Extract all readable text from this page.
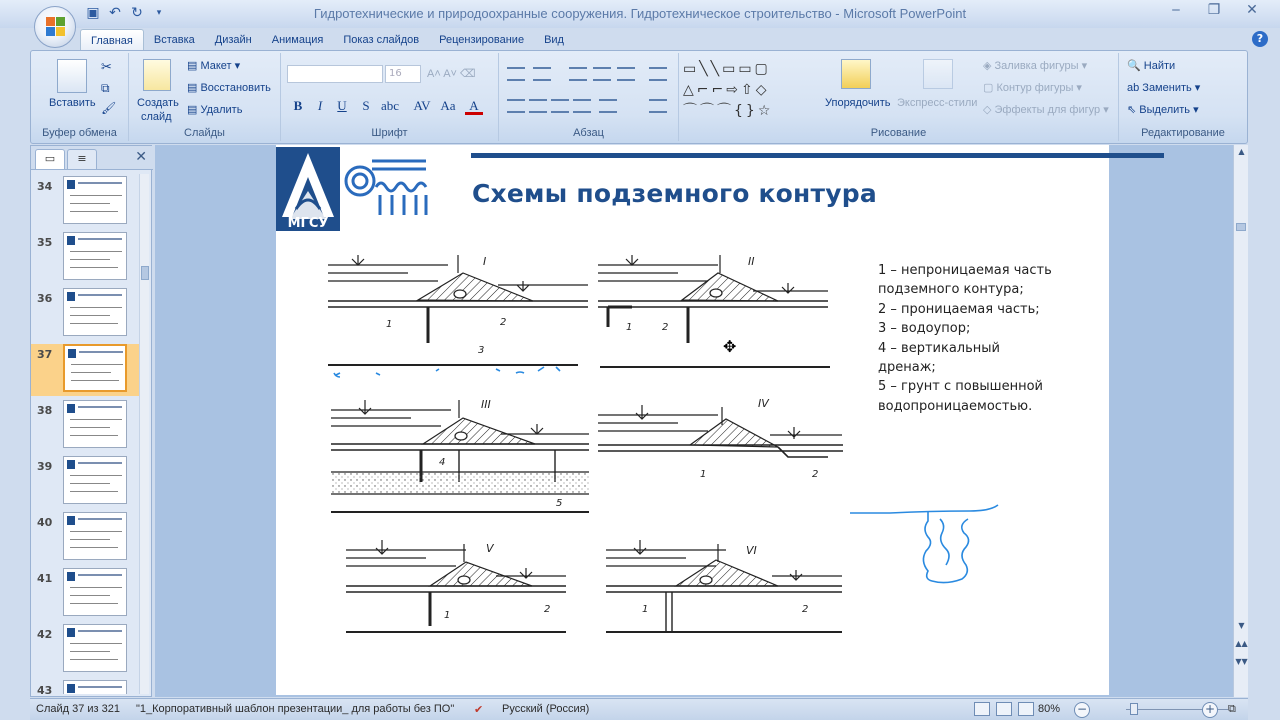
▣ ↶ ↻	▾	Гидротехнические и природоохранные сооружения. Гидротехническое строительство - Microsoft PowerPoint	‒ ❐ ✕
Главная	Вставка	Дизайн	Анимация	Показ слайдов	Рецензирование	Вид	?
Вставить
✂
⧉
🖌
Буфер обмена
Создать
слайд
▤ Макет ▾
▤ Восстановить
▤ Удалить
Слайды
16	A˄ A˅ ⌫
B	I	U	S abc AV Aa	A
Шрифт	Абзац
▭╲╲▭▭▢
△⌐⌐⇨⇧◇
⌒⌒⌒{}☆	Упорядочить Экспресс-стили
◈ Заливка фигуры ▾
▢ Контур фигуры ▾
◇ Эффекты для фигур ▾
Рисование
🔍 Найти
ab Заменить ▾
⇖ Выделить ▾
Редактирование
▭	≡	✕
34
35
36
37
38
39
40
41
42
43
МГСУ
Схемы подземного контура
I
1	2
3
II
1	2
III
4
5
IV
1	2
V
1
2
VI
1	2
1 – непроницаемая часть
подземного контура;
2 – проницаемая часть;
3 – водоупор;
4 – вертикальный
дренаж;
5 – грунт с повышенной
водопроницаемостью.
✥
▲
▼
▲▲
▼▼
Слайд 37 из 321 "1_Корпоративный шаблон презентации_ для работы без ПО" ✔ Русский (Россия)	80% −	+ ⧉
